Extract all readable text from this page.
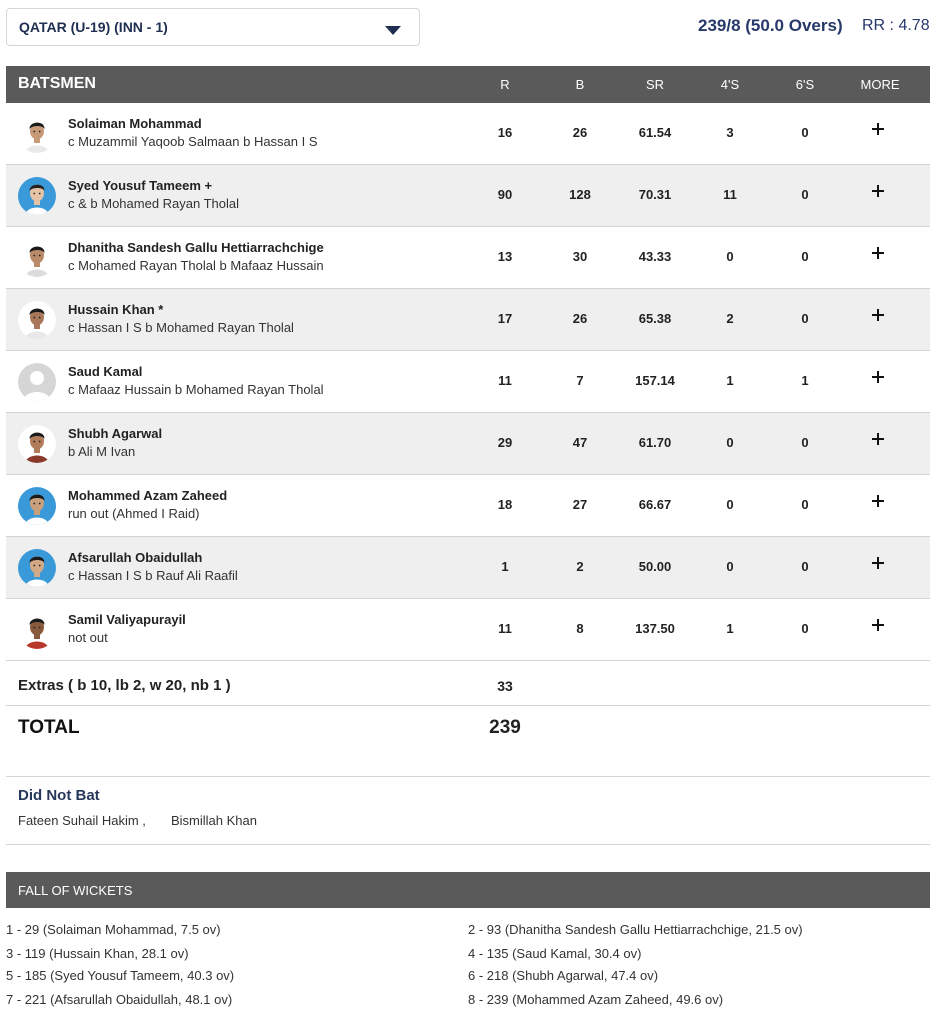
QATAR (U-19) (INN - 1)	239/8 (50.0 Overs) RR : 4.78
BATSMEN	R	B	SR	4'S	6'S	MORE
Solaiman Mohammad
c Muzammil Yaqoob Salmaan b Hassan I S
16	26	61.54	3	0
Syed Yousuf Tameem +
c & b Mohamed Rayan Tholal
90	128	70.31	11	0
Dhanitha Sandesh Gallu Hettiarrachchige
c Mohamed Rayan Tholal b Mafaaz Hussain
13	30	43.33	0	0
Hussain Khan *
c Hassan I S b Mohamed Rayan Tholal
17	26	65.38	2	0
Saud Kamal
c Mafaaz Hussain b Mohamed Rayan Tholal
11	7	157.14	1	1
Shubh Agarwal
b Ali M Ivan
29	47	61.70	0	0
Mohammed Azam Zaheed
run out (Ahmed I Raid)
18	27	66.67	0	0
Afsarullah Obaidullah
c Hassan I S b Rauf Ali Raafil
1	2	50.00	0	0
Samil Valiyapurayil
not out
11	8	137.50	1	0
Extras ( b 10, lb 2, w 20, nb 1 )	33
TOTAL	239
Did Not Bat
Fateen Suhail Hakim , Bismillah Khan
FALL OF WICKETS
1 - 29 (Solaiman Mohammad, 7.5 ov)	2 - 93 (Dhanitha Sandesh Gallu Hettiarrachchige, 21.5 ov)
3 - 119 (Hussain Khan, 28.1 ov)	4 - 135 (Saud Kamal, 30.4 ov)
5 - 185 (Syed Yousuf Tameem, 40.3 ov)	6 - 218 (Shubh Agarwal, 47.4 ov)
7 - 221 (Afsarullah Obaidullah, 48.1 ov)	8 - 239 (Mohammed Azam Zaheed, 49.6 ov)
